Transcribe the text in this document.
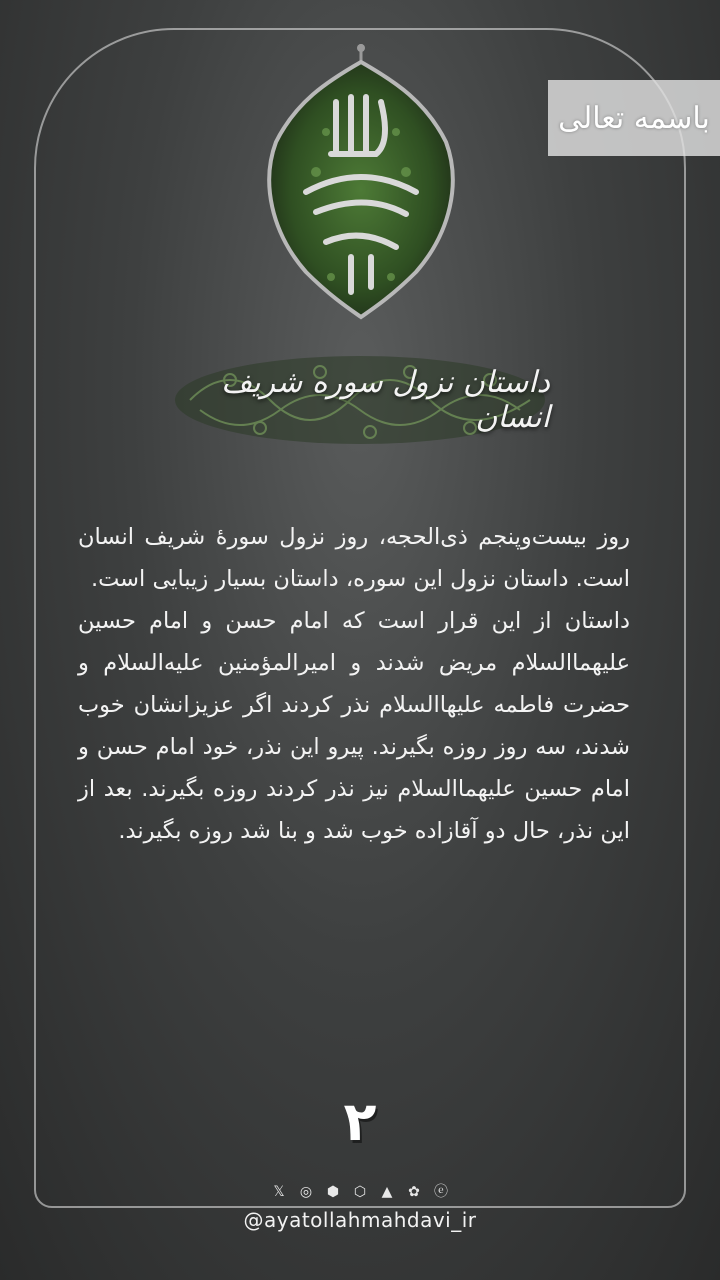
باسمه تعالی
داستان نزول سوره شریف انسان

روز بیست‌وپنجم ذی‌الحجه، روز نزول سورهٔ شریف انسان است. داستان نزول این سوره، داستان بسیار زیبایی است.

داستان از این قرار است که امام حسن و امام حسین علیهما‌السلام مریض شدند و امیرالمؤمنین علیه‌السلام و حضرت فاطمه علیهاالسلام نذر کردند اگر عزیزانشان خوب شدند، سه روز روزه بگیرند. پیرو این نذر، خود امام حسن و امام حسین علیهما‌السلام نیز نذر کردند روزه بگیرند. بعد از این نذر، حال دو آقازاده خوب شد و بنا شد روزه بگیرند.

۲
𝕏 ◎ ⬢ ⬡ ▲ ✿ ⓔ
@ayatollahmahdavi_ir
